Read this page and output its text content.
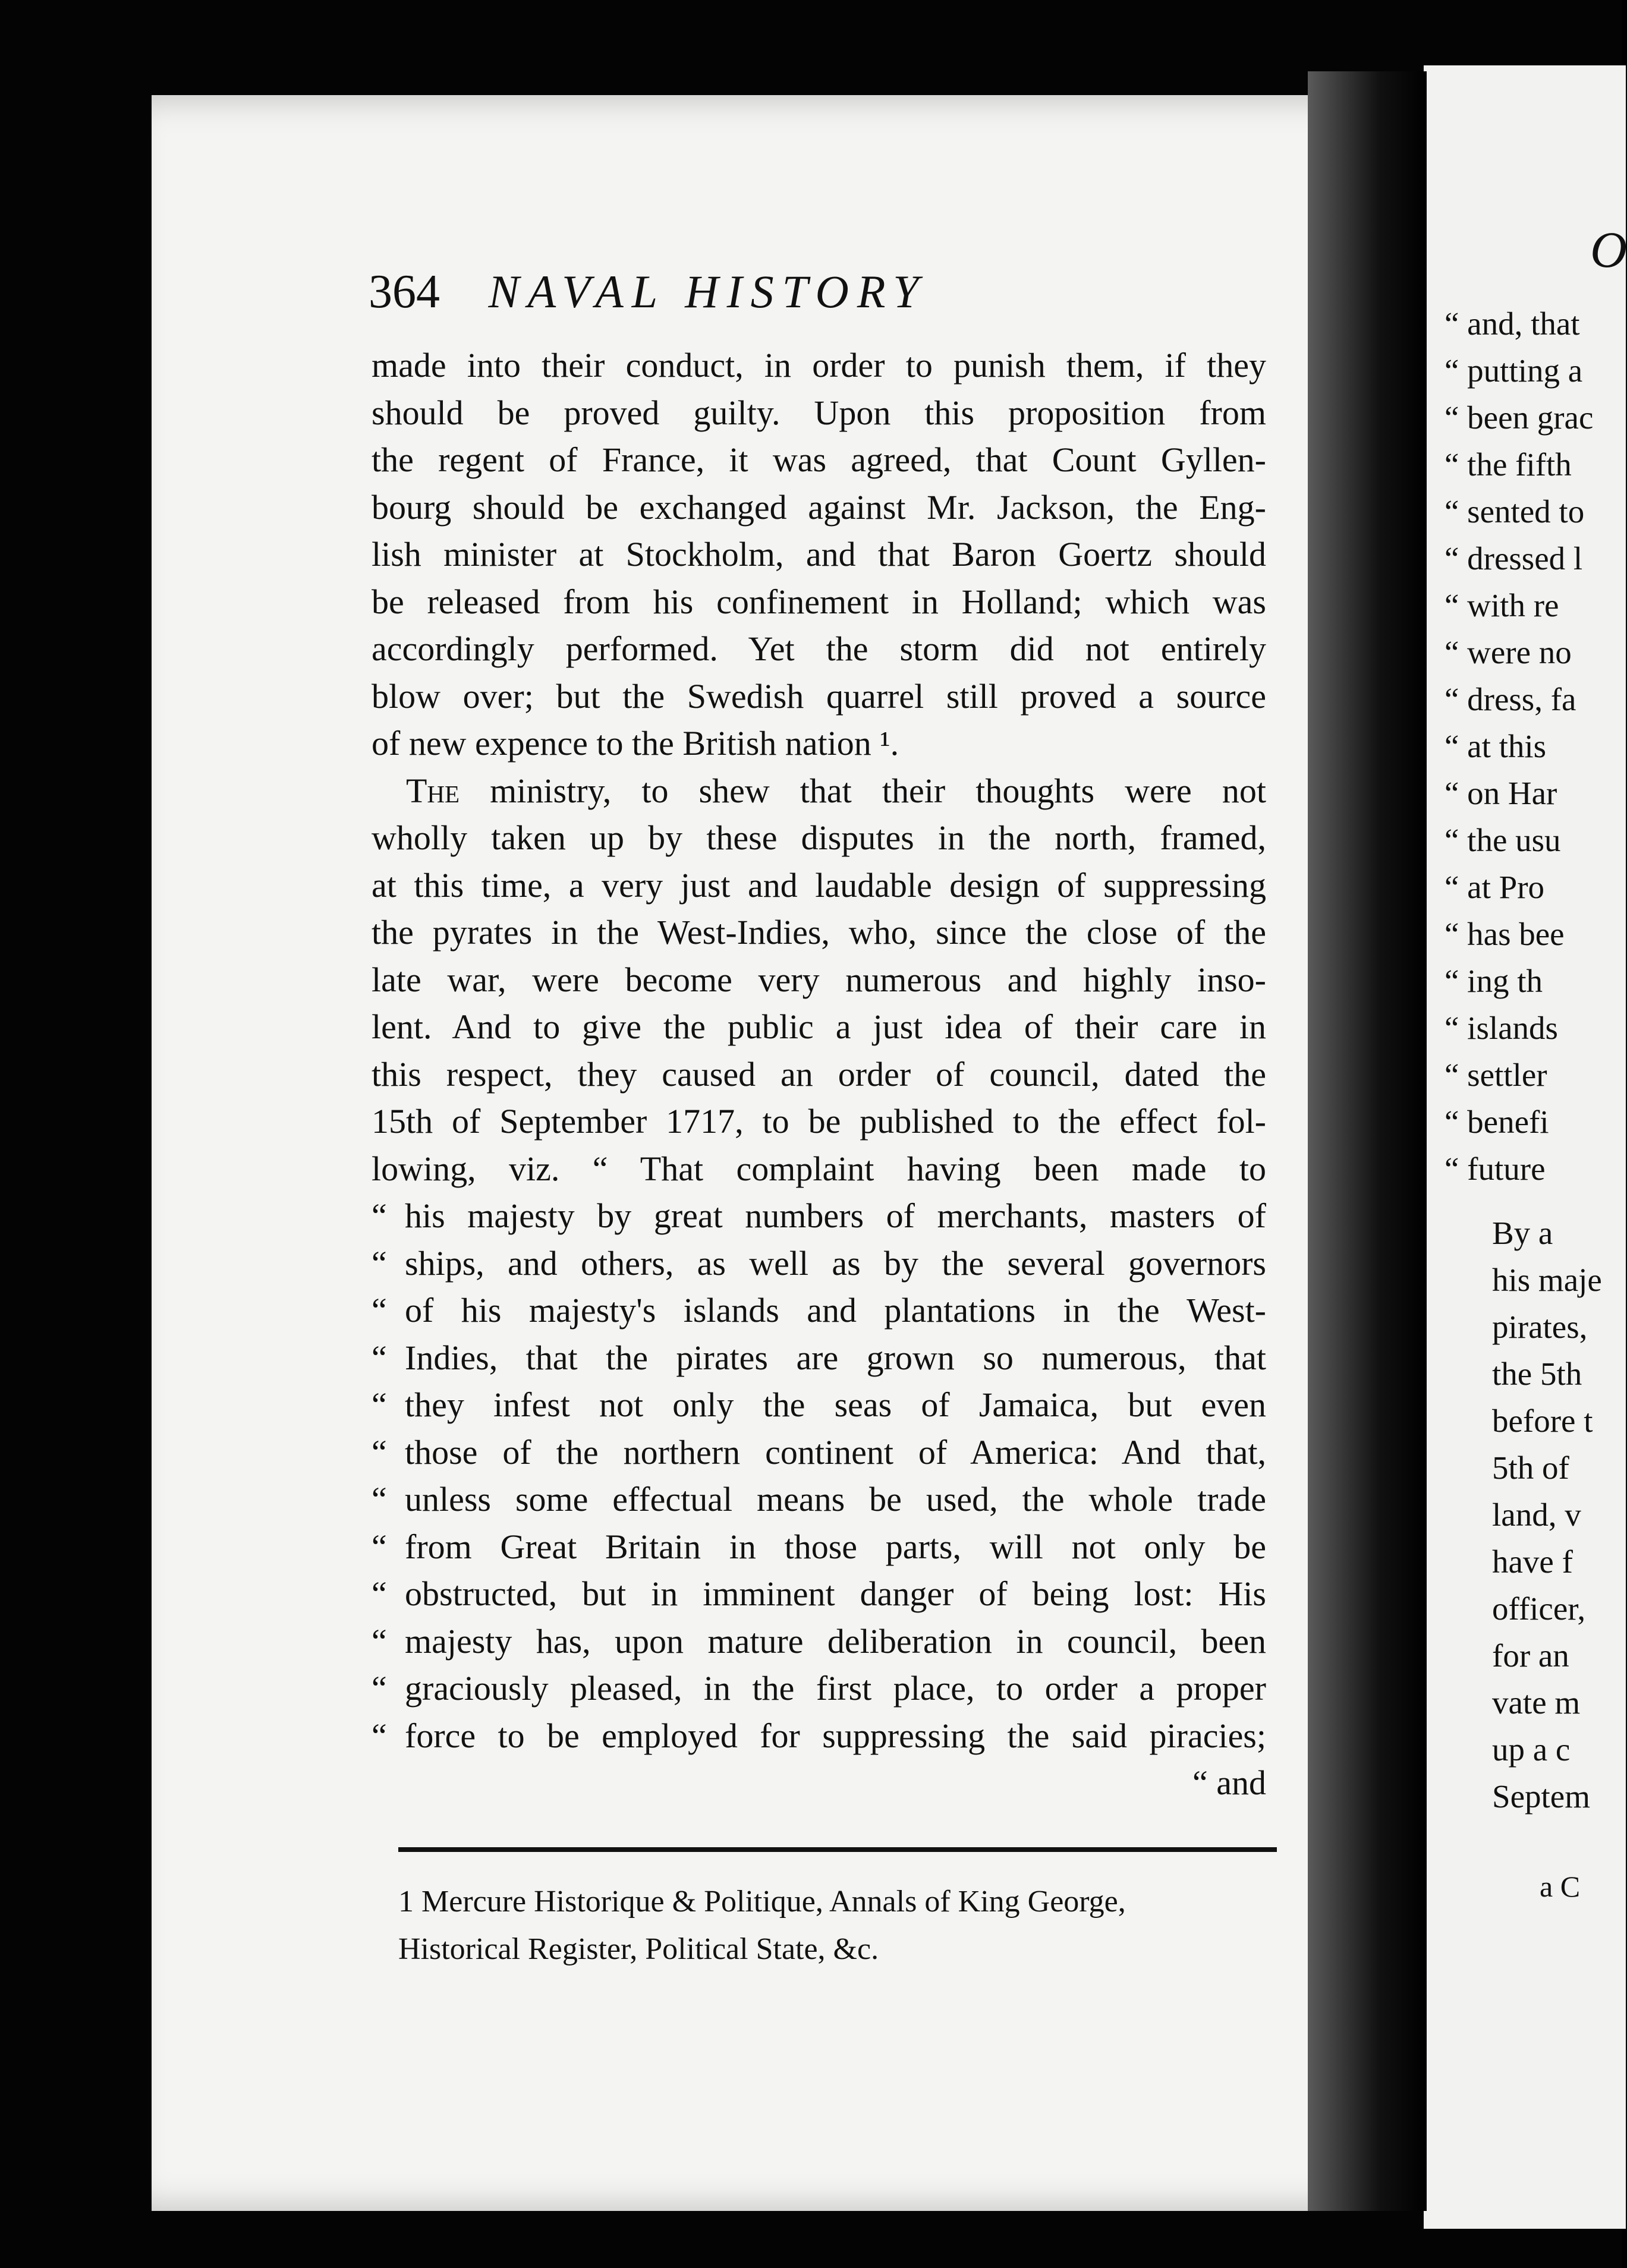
O
“ and, that
“ putting a
“ been grac
“ the fifth
“ sented to
“ dressed l
“ with re
“ were no
“ dress, fa
“ at this
“ on Har
“ the usu
“ at Pro
“ has bee
“ ing th
“ islands
“ settler
“ benefi
“ future
By a
his maje
pirates,
the 5th
before t
5th of
land, v
have f
officer,
for an
vate m
up a c
Septem
a C
364 NAVAL HISTORY
made into their conduct, in order to punish them, if they
should be proved guilty. Upon this proposition from
the regent of France, it was agreed, that Count Gyllen-
bourg should be exchanged against Mr. Jackson, the Eng-
lish minister at Stockholm, and that Baron Goertz should
be released from his confinement in Holland; which was
accordingly performed. Yet the storm did not entirely
blow over; but the Swedish quarrel still proved a source
of new expence to the British nation ¹.
 The ministry, to shew that their thoughts were not
wholly taken up by these disputes in the north, framed,
at this time, a very just and laudable design of suppressing
the pyrates in the West-Indies, who, since the close of the
late war, were become very numerous and highly inso-
lent. And to give the public a just idea of their care in
this respect, they caused an order of council, dated the
15th of September 1717, to be published to the effect fol-
lowing, viz. “ That complaint having been made to
“ his majesty by great numbers of merchants, masters of
“ ships, and others, as well as by the several governors
“ of his majesty's islands and plantations in the West-
“ Indies, that the pirates are grown so numerous, that
“ they infest not only the seas of Jamaica, but even
“ those of the northern continent of America: And that,
“ unless some effectual means be used, the whole trade
“ from Great Britain in those parts, will not only be
“ obstructed, but in imminent danger of being lost: His
“ majesty has, upon mature deliberation in council, been
“ graciously pleased, in the first place, to order a proper
“ force to be employed for suppressing the said piracies;
“ and
1 Mercure Historique & Politique, Annals of King George,
Historical Register, Political State, &c.
